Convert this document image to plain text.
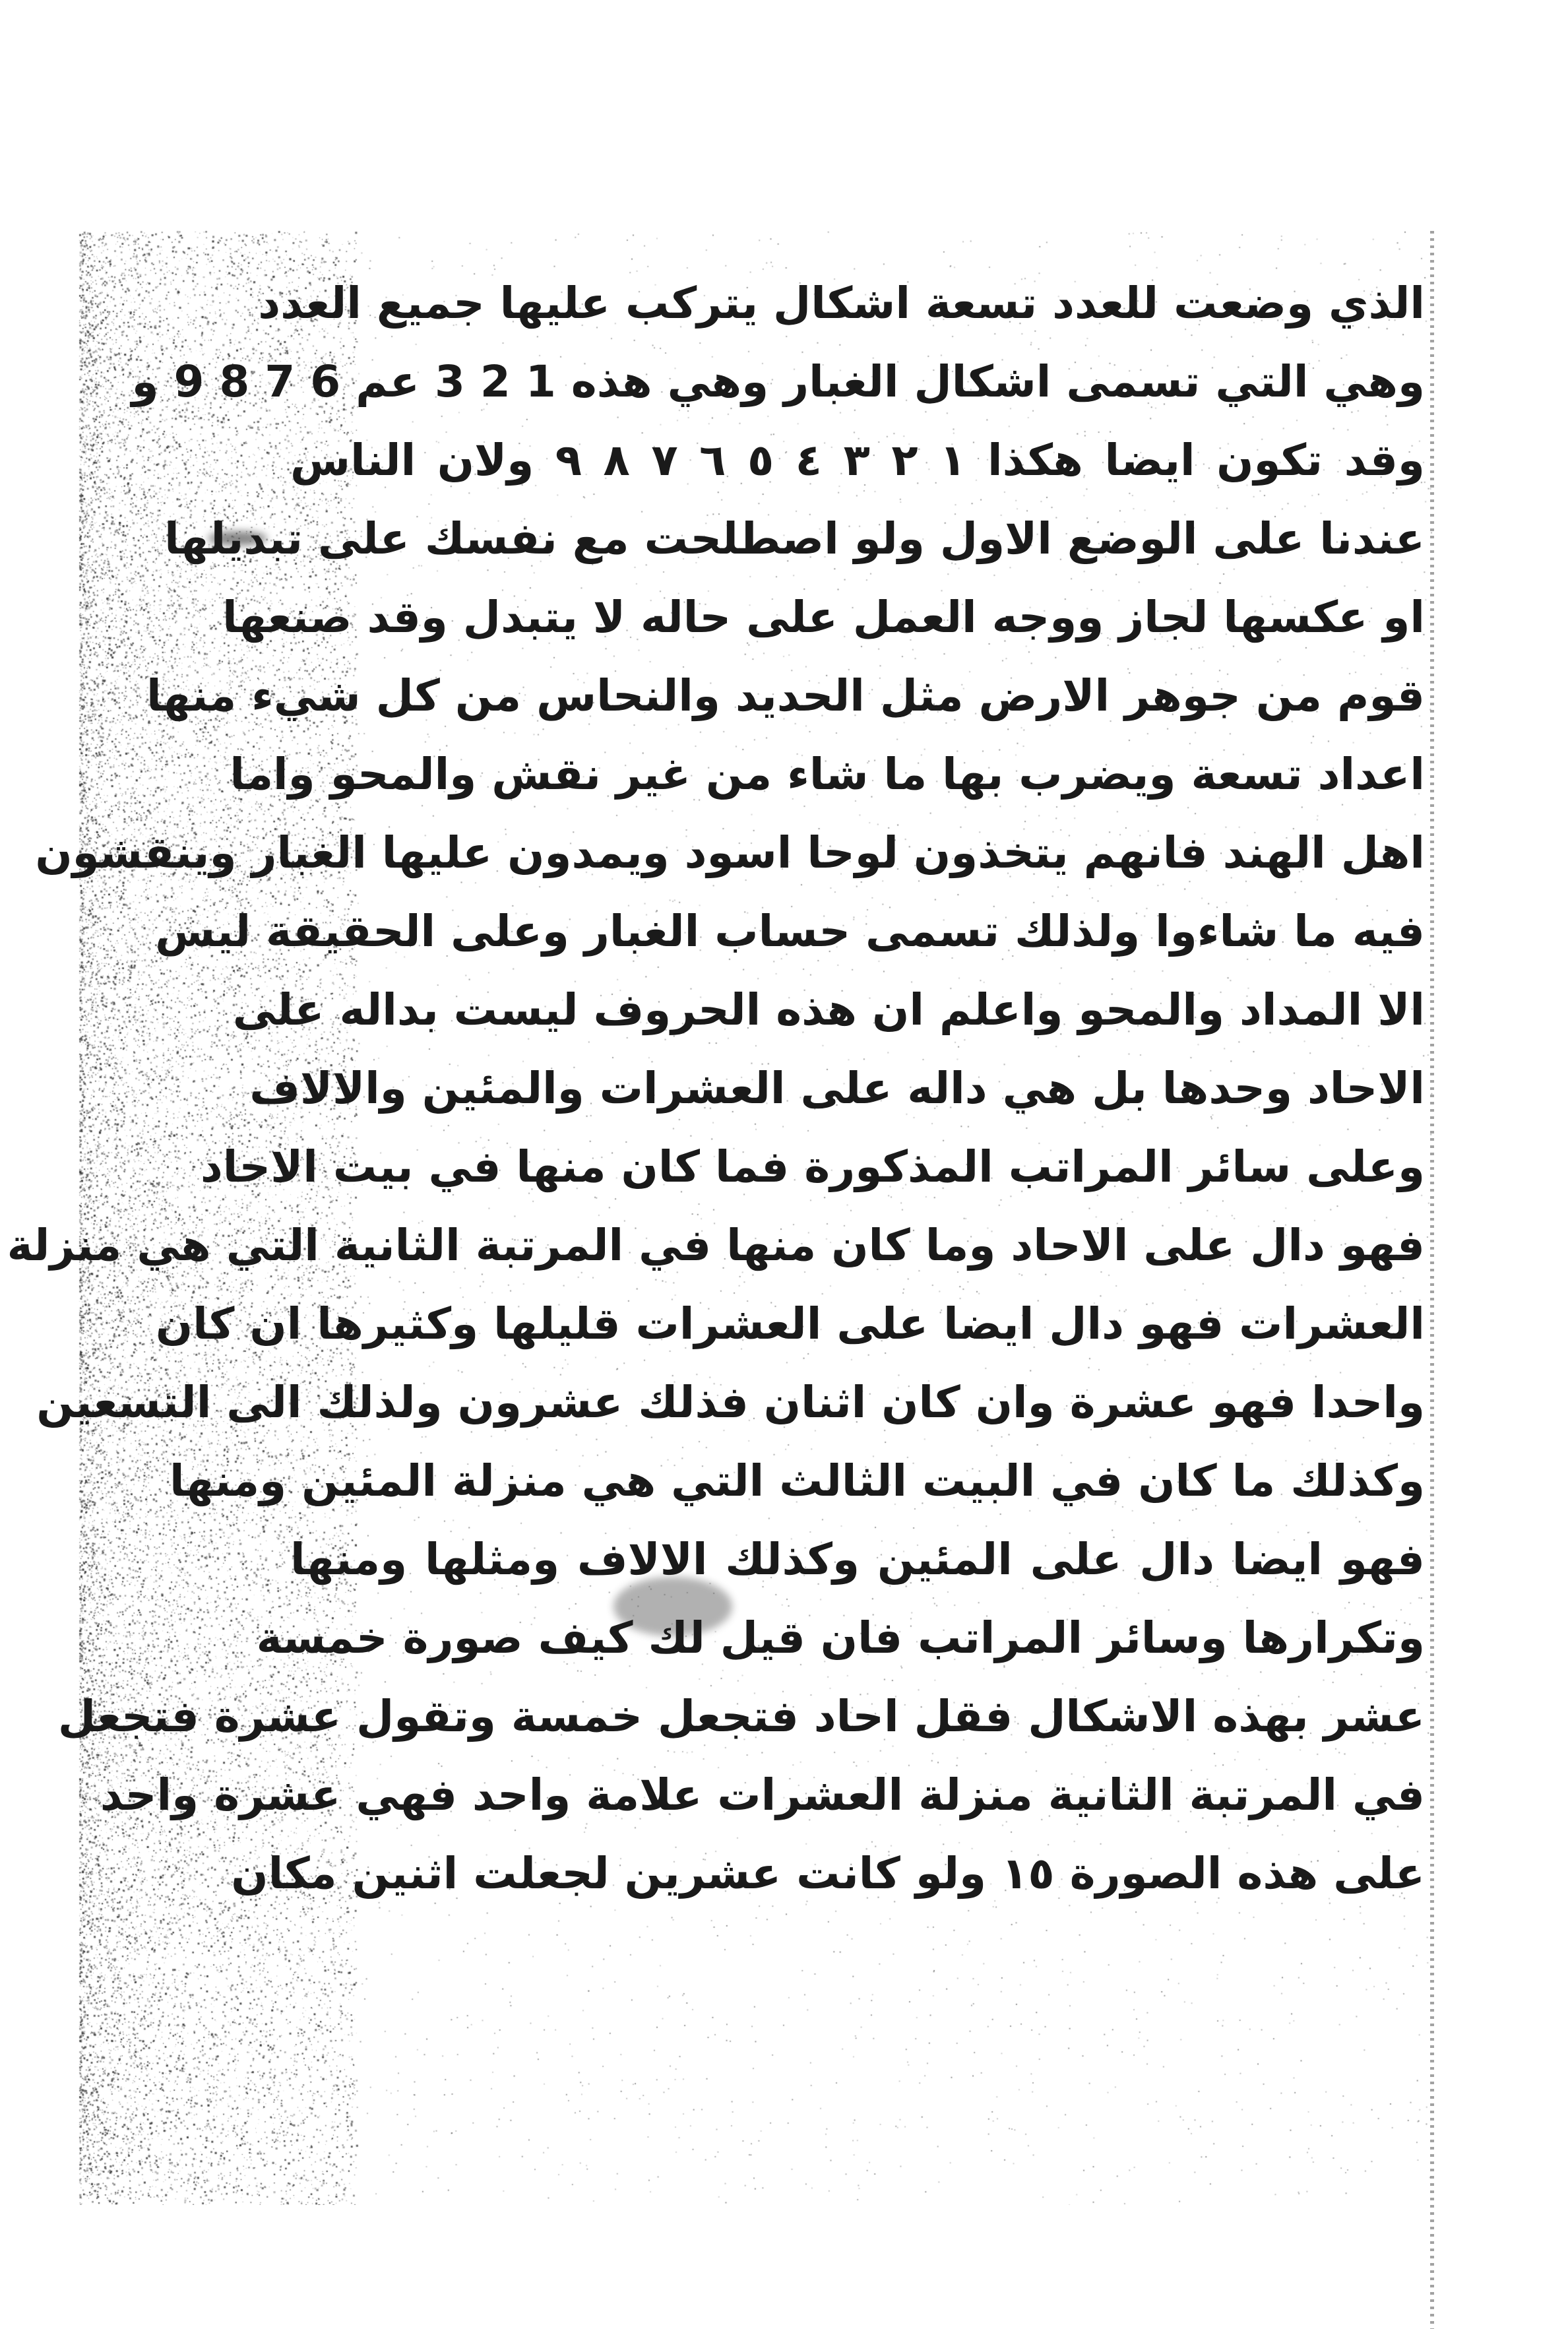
الذي وضعت للعدد تسعة اشكال يتركب عليها جميع العدد
وهي التي تسمى اشكال الغبار وهي هذه 1 2 3 عم 6 7 8 9 و
وقد تكون ايضا هكذا ١ ٢ ٣ ٤ ٥ ٦ ٧ ٨ ٩ ولان الناس
عندنا على الوضع الاول ولو اصطلحت مع نفسك على تبديلها
او عكسها لجاز ووجه العمل على حاله لا يتبدل وقد صنعها
قوم من جوهر الارض مثل الحديد والنحاس من كل شيء منها
اعداد تسعة ويضرب بها ما شاء من غير نقش والمحو واما
اهل الهند فانهم يتخذون لوحا اسود ويمدون عليها الغبار وينقشون
فيه ما شاءوا ولذلك تسمى حساب الغبار وعلى الحقيقة ليس
الا المداد والمحو واعلم ان هذه الحروف ليست بداله على
الاحاد وحدها بل هي داله على العشرات والمئين والالاف
وعلى سائر المراتب المذكورة فما كان منها في بيت الاحاد
فهو دال على الاحاد وما كان منها في المرتبة الثانية التي هي منزلة
العشرات فهو دال ايضا على العشرات قليلها وكثيرها ان كان
واحدا فهو عشرة وان كان اثنان فذلك عشرون ولذلك الى التسعين
وكذلك ما كان في البيت الثالث التي هي منزلة المئين ومنها
فهو ايضا دال على المئين وكذلك الالاف ومثلها ومنها
وتكرارها وسائر المراتب فان قيل لك كيف صورة خمسة
عشر بهذه الاشكال فقل احاد فتجعل خمسة وتقول عشرة فتجعل
في المرتبة الثانية منزلة العشرات علامة واحد فهي عشرة واحد
على هذه الصورة ١٥ ولو كانت عشرين لجعلت اثنين مكان
